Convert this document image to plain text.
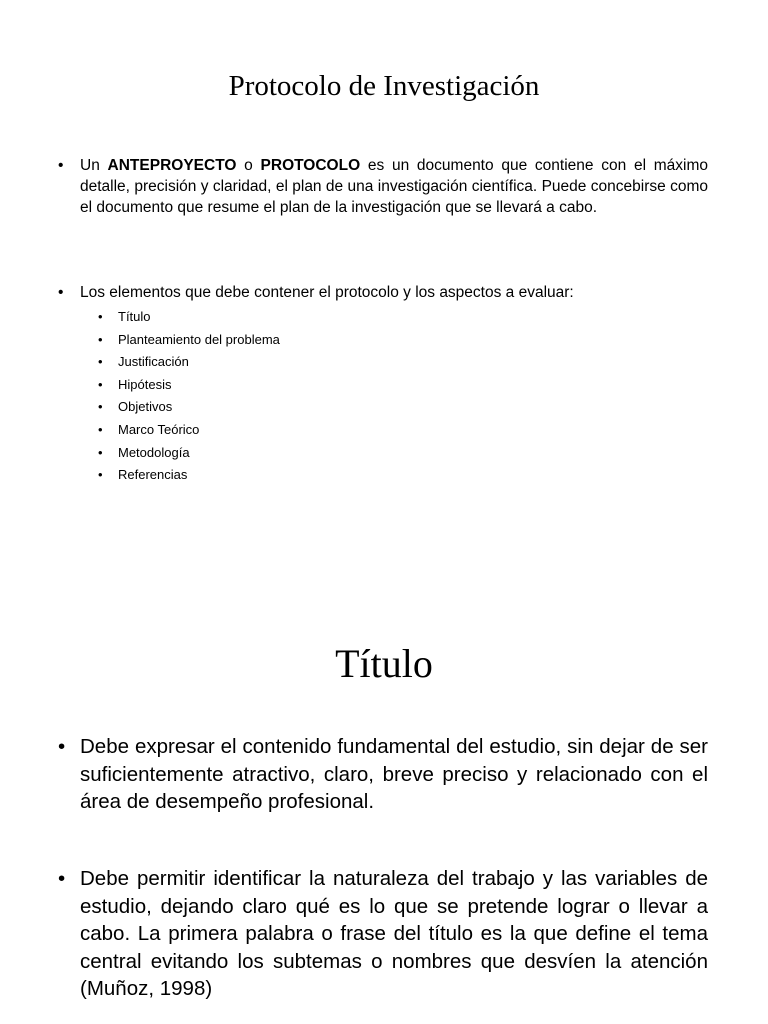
Protocolo de Investigación
•	Un ANTEPROYECTO o PROTOCOLO es un documento que contiene con el máximo detalle, precisión y claridad, el plan de una investigación científica. Puede concebirse como el documento que resume el plan de la investigación que se llevará a cabo.
•	Los elementos que debe contener el protocolo y los aspectos a evaluar:
•	Título
•	Planteamiento del problema
•	Justificación
•	Hipótesis
•	Objetivos
•	Marco Teórico
•	Metodología
•	Referencias
Título
• Debe expresar el contenido fundamental del estudio, sin dejar de ser suficientemente atractivo, claro, breve preciso y relacionado con el área de desempeño profesional.
• Debe permitir identificar la naturaleza del trabajo y las variables de estudio, dejando claro qué es lo que se pretende lograr o llevar a cabo. La primera palabra o frase del título es la que define el tema central evitando los subtemas o nombres que desvíen la atención (Muñoz, 1998)
